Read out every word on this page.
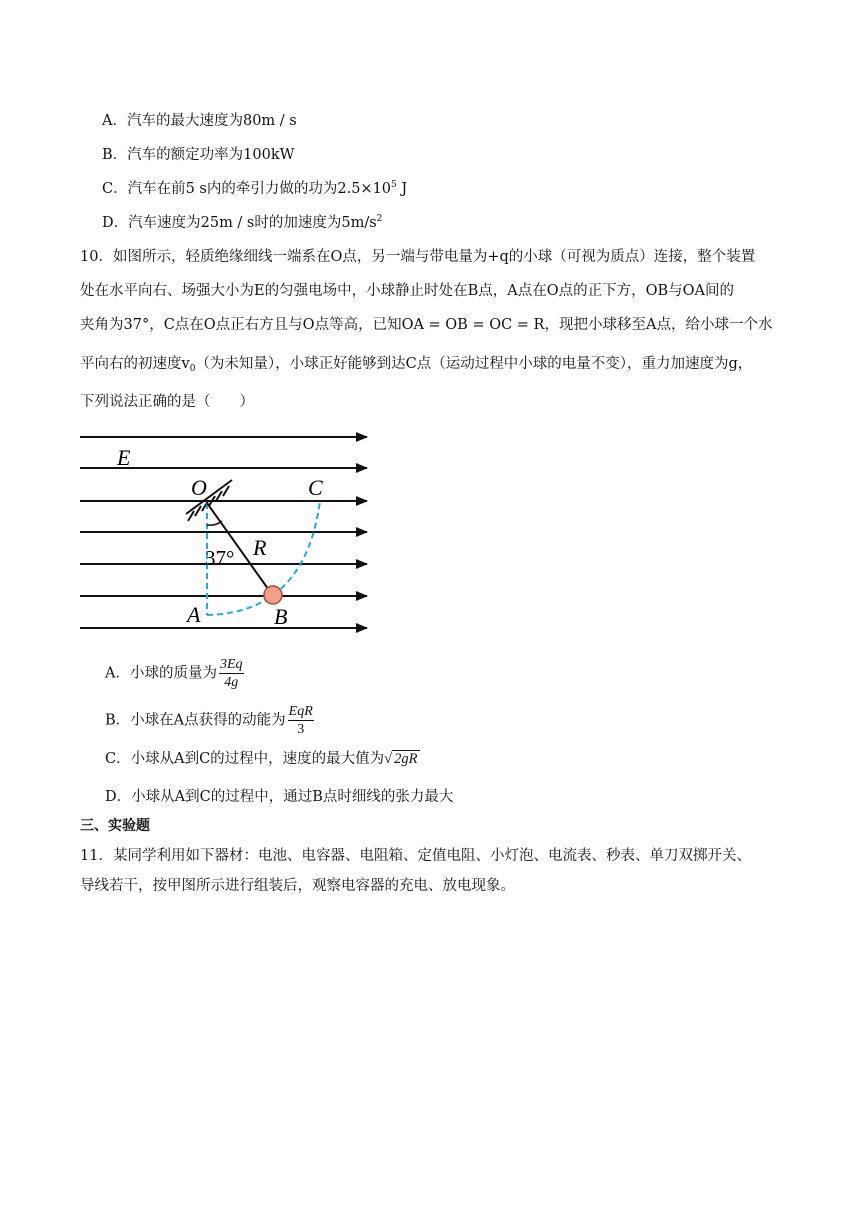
A．汽车的最大速度为80m / s
B．汽车的额定功率为100kW
C．汽车在前5 s内的牵引力做的功为$2.5\times 10^5$ J
D．汽车速度为25m / s时的加速度为$5m/s^2$
10．如图所示，轻质绝缘细线一端系在O点，另一端与带电量为+q的小球（可视为质点）连接，整个装置
处在水平向右、场强大小为E的匀强电场中，小球静止时处在B点，A点在O点的正下方，OB与OA间的
夹角为37°，C点在O点正右方且与O点等高，已知OA = OB = OC = R，现把小球移至A点，给小球一个水
平向右的初速度$v_0$（为未知量），小球正好能够到达C点（运动过程中小球的电量不变），重力加速度为g，
下列说法正确的是（　　）
E
O	C
R
37°
A	B
A．小球的质量为 $\frac{3Eq}{4g}$
B．小球在A点获得的动能为 $\frac{\text{EqR}}{3}$
C．小球从A到C的过程中，速度的最大值为√ 2gR
D．小球从A到C的过程中，通过B点时细线的张力最大
三、实验题
11．某同学利用如下器材：电池、电容器、电阻箱、定值电阻、小灯泡、电流表、秒表、单刀双掷开关、
导线若干，按甲图所示进行组装后，观察电容器的充电、放电现象。
